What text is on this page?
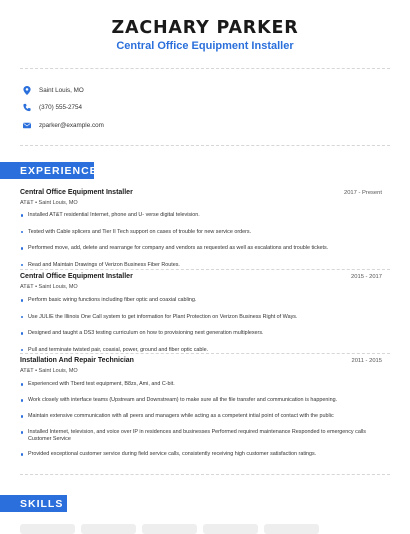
ZACHARY PARKER
Central Office Equipment Installer
Saint Louis, MO
(370) 555-2754
zparker@example.com
EXPERIENCE
Central Office Equipment Installer	2017 - Present
AT&T • Saint Louis, MO
Installed AT&T residential Internet, phone and U- verse digital television.
Tested with Cable splicers and Tier II Tech support on cases of trouble for new service orders.
Performed move, add, delete and rearrange for company and vendors as requested as well as escalations and trouble tickets.
Read and Maintain Drawings of Verizon Business Fiber Routes.
Central Office Equipment Installer	2015 - 2017
AT&T • Saint Louis, MO
Perform basic wiring functions including fiber optic and coaxial cabling.
Use JULIE the Illinois One Call system to get information for Plant Protection on Verizon Business Right of Ways.
Designed and taught a DS3 testing curriculum on how to provisioning next generation multiplexers.
Pull and terminate twisted pair, coaxial, power, ground and fiber optic cable.
Installation And Repair Technician	2011 - 2015
AT&T • Saint Louis, MO
Experienced with Tberd test equipment, B8zs, Ami, and C-bit.
Work closely with interface teams (Upstream and Downstream) to make sure all the file transfer and communication is happening.
Maintain extensive communication with all peers and managers while acting as a competent intial point of contact with the public
Installed Internet, television, and voice over IP in residences and businesses Performed required maintenance Responded to emergency calls Customer Service
Provided exceptional customer service during field service calls, consistently receiving high customer satisfaction ratings.
SKILLS
